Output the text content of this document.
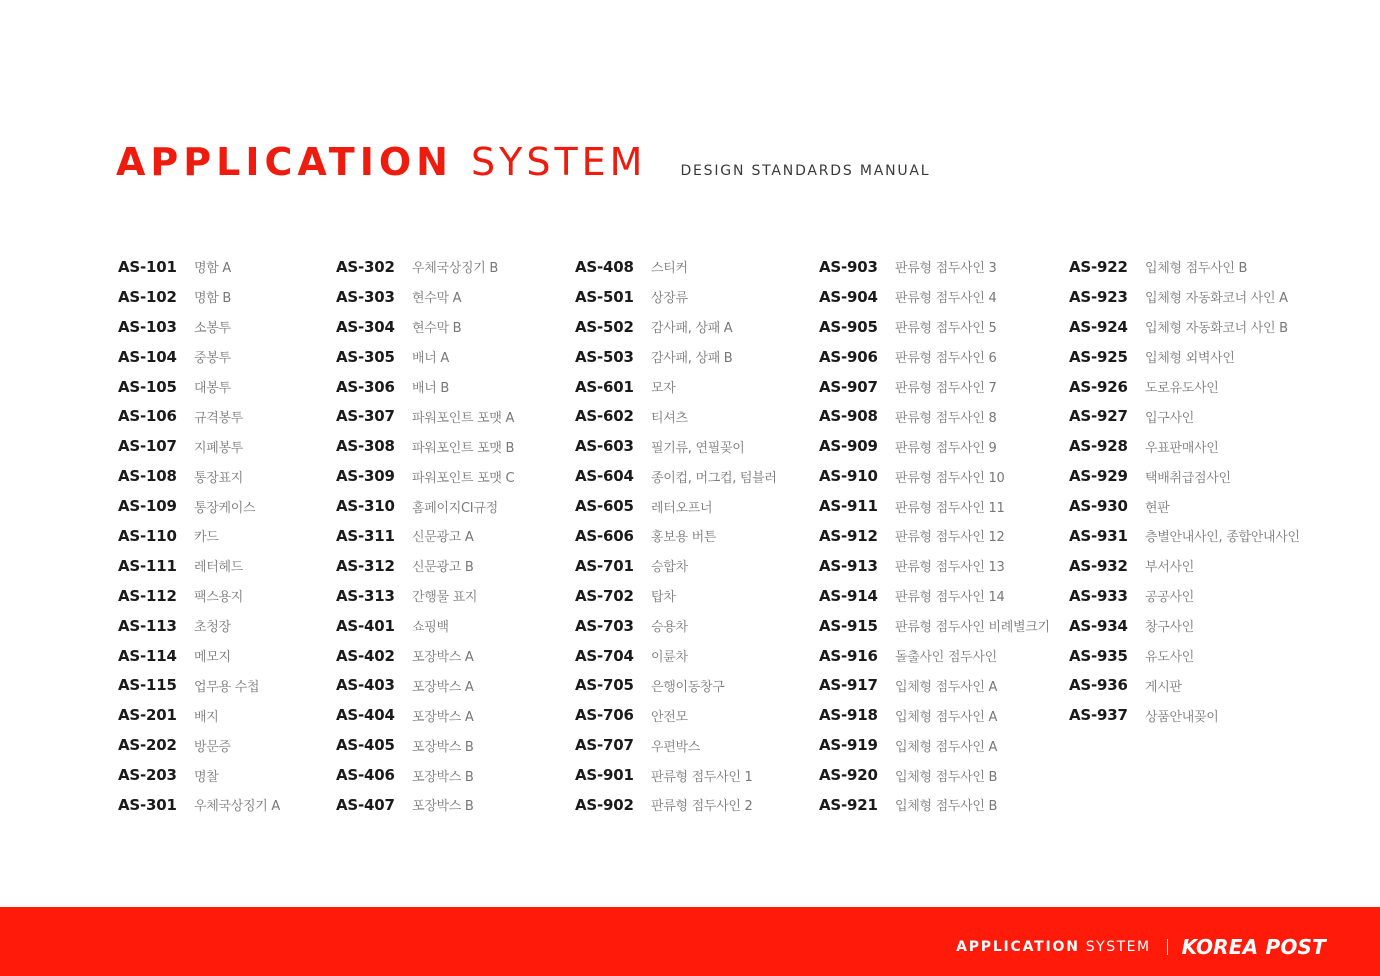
APPLICATION SYSTEM DESIGN STANDARDS MANUAL
AS-101	명함 A
AS-102	명함 B
AS-103	소봉투
AS-104	중봉투
AS-105	대봉투
AS-106	규격봉투
AS-107	지폐봉투
AS-108	통장표지
AS-109	통장케이스
AS-110	카드
AS-111	레터헤드
AS-112	팩스용지
AS-113	초청장
AS-114	메모지
AS-115	업무용 수첩
AS-201	배지
AS-202	방문증
AS-203	명찰
AS-301	우체국상징기 A
AS-302	우체국상징기 B
AS-303	현수막 A
AS-304	현수막 B
AS-305	배너 A
AS-306	배너 B
AS-307	파워포인트 포맷 A
AS-308	파워포인트 포맷 B
AS-309	파워포인트 포맷 C
AS-310	홈페이지CI규정
AS-311	신문광고 A
AS-312	신문광고 B
AS-313	간행물 표지
AS-401	쇼핑백
AS-402	포장박스 A
AS-403	포장박스 A
AS-404	포장박스 A
AS-405	포장박스 B
AS-406	포장박스 B
AS-407	포장박스 B
AS-408	스티커
AS-501	상장류
AS-502	감사패, 상패 A
AS-503	감사패, 상패 B
AS-601	모자
AS-602	티셔츠
AS-603	필기류, 연필꽂이
AS-604	종이컵, 머그컵, 텀블러
AS-605	레터오프너
AS-606	홍보용 버튼
AS-701	승합차
AS-702	탑차
AS-703	승용차
AS-704	이륜차
AS-705	은행이동창구
AS-706	안전모
AS-707	우편박스
AS-901	판류형 점두사인 1
AS-902	판류형 점두사인 2
AS-903	판류형 점두사인 3
AS-904	판류형 점두사인 4
AS-905	판류형 점두사인 5
AS-906	판류형 점두사인 6
AS-907	판류형 점두사인 7
AS-908	판류형 점두사인 8
AS-909	판류형 점두사인 9
AS-910	판류형 점두사인 10
AS-911	판류형 점두사인 11
AS-912	판류형 점두사인 12
AS-913	판류형 점두사인 13
AS-914	판류형 점두사인 14
AS-915	판류형 점두사인 비례별크기
AS-916	돌출사인 점두사인
AS-917	입체형 점두사인 A
AS-918	입체형 점두사인 A
AS-919	입체형 점두사인 A
AS-920	입체형 점두사인 B
AS-921	입체형 점두사인 B
AS-922	입체형 점두사인 B
AS-923	입체형 자동화코너 사인 A
AS-924	입체형 자동화코너 사인 B
AS-925	입체형 외벽사인
AS-926	도로유도사인
AS-927	입구사인
AS-928	우표판매사인
AS-929	택배취급점사인
AS-930	현판
AS-931	층별안내사인, 종합안내사인
AS-932	부서사인
AS-933	공공사인
AS-934	창구사인
AS-935	유도사인
AS-936	게시판
AS-937	상품안내꽂이
APPLICATION SYSTEM KOREA POST
